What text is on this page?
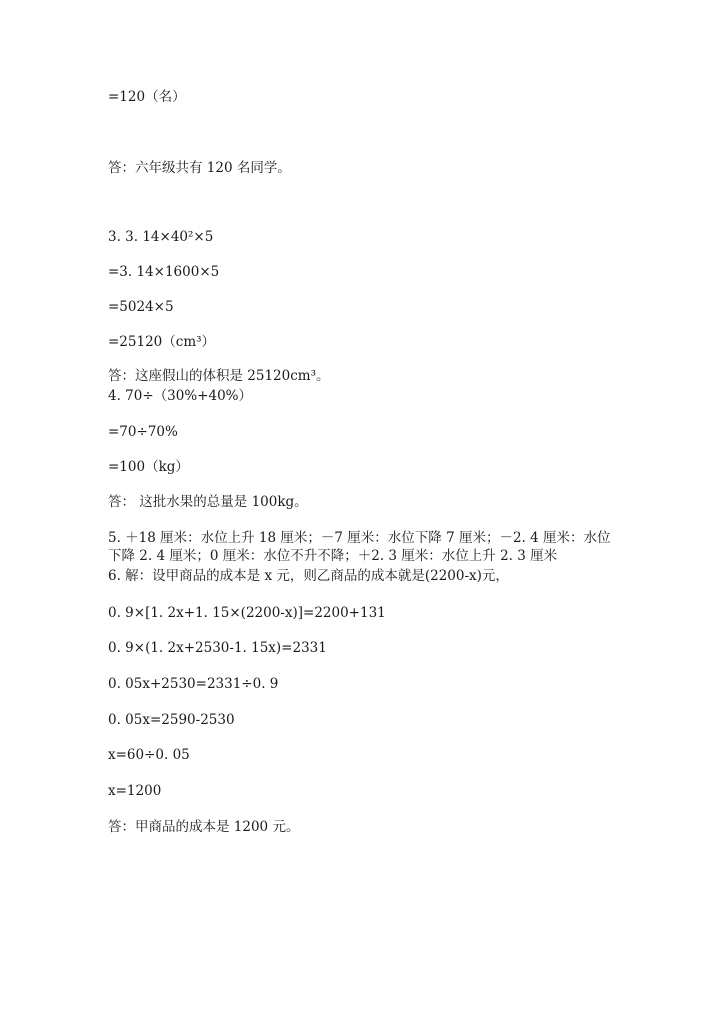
=120（名）
答：六年级共有 120 名同学。
3. 3. 14×40²×5
=3. 14×1600×5
=5024×5
=25120（cm³）
答：这座假山的体积是 25120cm³。
4. 70÷（30%+40%）
=70÷70%
=100（kg）
答： 这批水果的总量是 100kg。
5. ＋18 厘米：水位上升 18 厘米；－7 厘米：水位下降 7 厘米；－2. 4 厘米：水位下降 2. 4 厘米；0 厘米：水位不升不降；＋2. 3 厘米：水位上升 2. 3 厘米
6. 解：设甲商品的成本是 x 元，则乙商品的成本就是(2200-x)元，
0. 9×[1. 2x+1. 15×(2200-x)]=2200+131
0. 9×(1. 2x+2530-1. 15x)=2331
0. 05x+2530=2331÷0. 9
0. 05x=2590-2530
x=60÷0. 05
x=1200
答：甲商品的成本是 1200 元。
